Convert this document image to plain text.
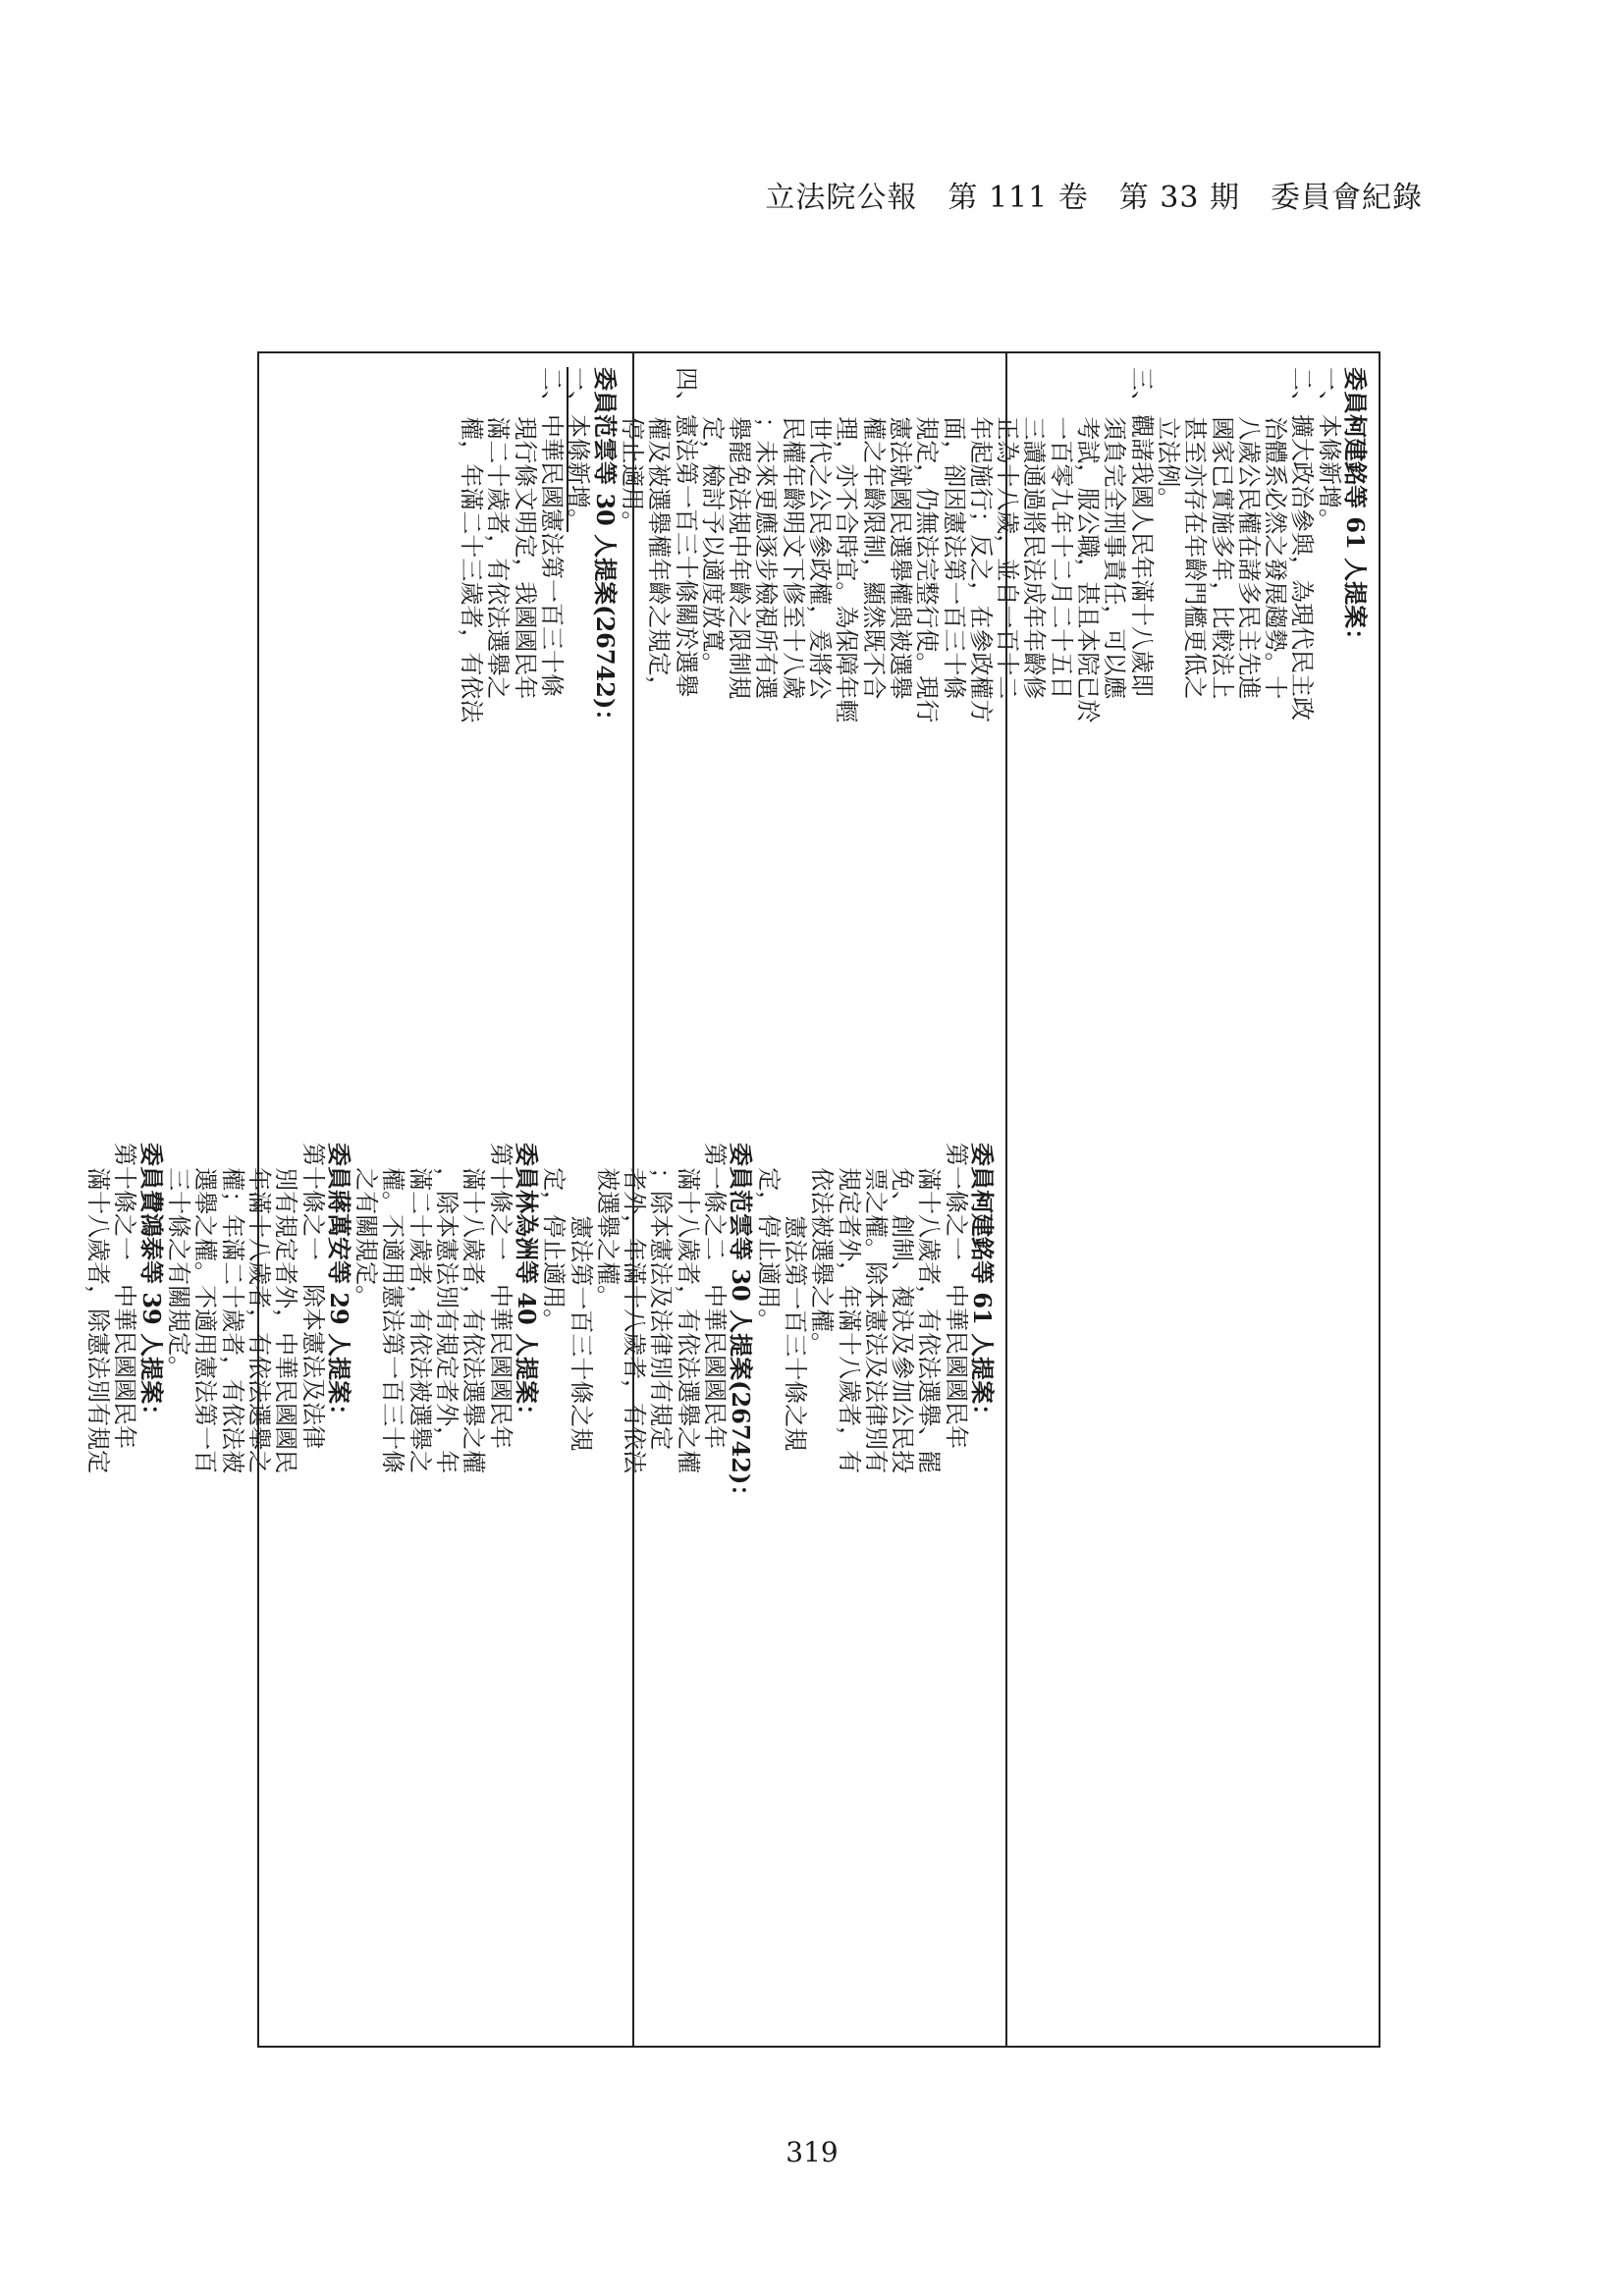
立法院公報　第 111 卷　第 33 期　委員會紀錄
委員柯建銘等 61 人提案：
一、本條新增。
二、擴大政治參與，為現代民主政
治體系必然之發展趨勢。十
八歲公民權在諸多民主先進
國家已實施多年，比較法上
甚至亦存在年齡門檻更低之
立法例。
三、觀諸我國人民年滿十八歲即
須負完全刑事責任，可以應
考試，服公職，甚且本院已於
一百零九年十二月二十五日
三讀通過將民法成年年齡修
正為十八歲，並自一百十二
年起施行；反之，在參政權方
面，卻因憲法第一百三十條
規定，仍無法完整行使。現行
憲法就國民選舉權與被選舉
權之年齡限制，顯然既不合
理，亦不合時宜。為保障年輕
世代之公民參政權，爰將公
民權年齡明文下修至十八歲
；未來更應逐步檢視所有選
舉罷免法規中年齡之限制規
定，檢討予以適度放寬。
四、憲法第一百三十條關於選舉
權及被選舉權年齡之規定，
停止適用。
委員范雲等 30 人提案(26742)：
一、本條新增。
二、中華民國憲法第一百三十條
現行條文明定，我國國民年
滿二十歲者，有依法選舉之
權，年滿二十三歲者，有依法
委員柯建銘等 61 人提案：
第一條之一　中華民國國民年
滿十八歲者，有依法選舉、罷
免、創制、複決及參加公民投
票之權。除本憲法及法律別有
規定者外，年滿十八歲者，有
依法被選舉之權。
憲法第一百三十條之規
定，停止適用。
委員范雲等 30 人提案(26742)：
第一條之二　中華民國國民年
滿十八歲者，有依法選舉之權
；除本憲法及法律別有規定
者外，年滿十八歲者，有依法
被選舉之權。
憲法第一百三十條之規
定，停止適用。
委員林為洲等 40 人提案：
第十條之一　中華民國國民年
滿十八歲者，有依法選舉之權
，除本憲法別有規定者外，年
滿二十歲者，有依法被選舉之
權。不適用憲法第一百三十條
之有關規定。
委員蔣萬安等 29 人提案：
第十條之一　除本憲法及法律
別有規定者外，中華民國國民
年滿十八歲者，有依法選舉之
權；年滿二十歲者，有依法被
選舉之權。不適用憲法第一百
三十條之有關規定。
委員費鴻泰等 39 人提案：
第十條之一　中華民國國民年
滿十八歲者，除憲法別有規定
319
